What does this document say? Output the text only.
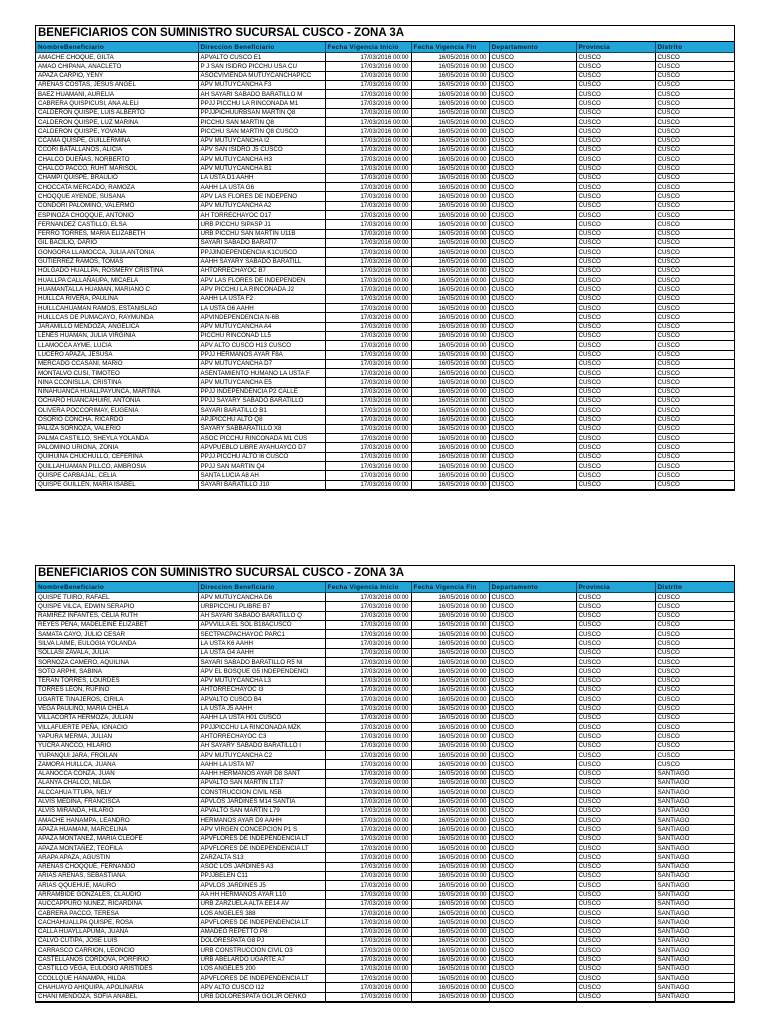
BENEFICIARIOS CON SUMINISTRO SUCURSAL CUSCO - ZONA 3A
NombreBeneficiario	Direccion Beneficiario	Fecha Vigencia Inicio	Fecha Vigencia Fin	Departamento	Provincia	Distrito
AMACHE CHOQUE, GILTA	APVALTO CUSCO E1	17/03/2016 00:00	16/05/2016 00:00	CUSCO	CUSCO	CUSCO
AMAO CHIPANA, ANACLETO	P J SAN ISIDRO PICCHU USA CU	17/03/2016 00:00	16/05/2016 00:00	CUSCO	CUSCO	CUSCO
APAZA CARPIO, YENY	ASOCVIVIENDA MUTUYCANCHAPICC	17/03/2016 00:00	16/05/2016 00:00	CUSCO	CUSCO	CUSCO
ARENAS COSTAS, JESUS ANGEL	APV MUTUYCANCHA F3	17/03/2016 00:00	16/05/2016 00:00	CUSCO	CUSCO	CUSCO
BAEZ HUAMANI, AURELIA	AH SAYARI SABADO BARATILLO M	17/03/2016 00:00	16/05/2016 00:00	CUSCO	CUSCO	CUSCO
CABRERA QUISPICUSI, ANA ALELI	PPJJ PICCHU LA RINCONADA M1	17/03/2016 00:00	16/05/2016 00:00	CUSCO	CUSCO	CUSCO
CALDERON QUISPE, LUIS ALBERTO	PPJJPICHUURBSAN MARTIN Q8	17/03/2016 00:00	16/05/2016 00:00	CUSCO	CUSCO	CUSCO
CALDERON QUISPE, LUZ MARINA	PICCHU SAN MARTIN Q8	17/03/2016 00:00	16/05/2016 00:00	CUSCO	CUSCO	CUSCO
CALDERON QUISPE, YOVANA	PICCHU SAN MARTIN Q8 CUSCO	17/03/2016 00:00	16/05/2016 00:00	CUSCO	CUSCO	CUSCO
CCAMA QUISPE, GUILLERMINA	APV MUTUYCANCHA I2	17/03/2016 00:00	16/05/2016 00:00	CUSCO	CUSCO	CUSCO
CCORI BATALLANOS, ALICIA	APV SAN ISIDRO J5 CUSCO	17/03/2016 00:00	16/05/2016 00:00	CUSCO	CUSCO	CUSCO
CHALCO DUEÑAS, NORBERTO	APV MUTUYCANCHA H3	17/03/2016 00:00	16/05/2016 00:00	CUSCO	CUSCO	CUSCO
CHALCO PACCO, RUHT MARISOL	APV MUTUYCANCHA B1	17/03/2016 00:00	16/05/2016 00:00	CUSCO	CUSCO	CUSCO
CHAMPI QUISPE, BRAULIO	LA USTA D1 AAHH	17/03/2016 00:00	16/05/2016 00:00	CUSCO	CUSCO	CUSCO
CHOCCATA MERCADO, RAMOZA	AAHH LA USTA G6	17/03/2016 00:00	16/05/2016 00:00	CUSCO	CUSCO	CUSCO
CHOQQUE AYENDE, SUSANA	APV LAS FLORES DE INDEPENO	17/03/2016 00:00	16/05/2016 00:00	CUSCO	CUSCO	CUSCO
CONDORI PALOMINO, VALERMO	APV MUTUYCANCHA A2	17/03/2016 00:00	16/05/2016 00:00	CUSCO	CUSCO	CUSCO
ESPINOZA CHOQQUE, ANTONIO	AH TORRECHAYOC D17	17/03/2016 00:00	16/05/2016 00:00	CUSCO	CUSCO	CUSCO
FERNANDEZ CASTILLO, ELSA	URB PICCHU SIPASP J1	17/03/2016 00:00	16/05/2016 00:00	CUSCO	CUSCO	CUSCO
FERRO TORRES, MARIA ELIZABETH	URB PICCHU SAN MARTIN U11B	17/03/2016 00:00	16/05/2016 00:00	CUSCO	CUSCO	CUSCO
GIL BACILIO, DARIO	SAYARI SABADO BARATI7	17/03/2016 00:00	16/05/2016 00:00	CUSCO	CUSCO	CUSCO
GONGORA LLAMOCCA, JULIA ANTONIA	PPJJINDEPENDENCIA K1CUSCO	17/03/2016 00:00	16/05/2016 00:00	CUSCO	CUSCO	CUSCO
GUTIERREZ RAMOS, TOMAS	AAHH SAYARY SABADO BARATILL	17/03/2016 00:00	16/05/2016 00:00	CUSCO	CUSCO	CUSCO
HOLGADO HUALLPA, ROSMERY CRISTINA	AHTORRECHAYOC B7	17/03/2016 00:00	16/05/2016 00:00	CUSCO	CUSCO	CUSCO
HUALLPA CALLAÑAUPA, MICAELA	APV LAS FLORES DE INDEPENDEN	17/03/2016 00:00	16/05/2016 00:00	CUSCO	CUSCO	CUSCO
HUAMANTALLA HUAMAN, MARIANO C	APV PICCHU LA RINCONADA J2	17/03/2016 00:00	16/05/2016 00:00	CUSCO	CUSCO	CUSCO
HUILLCA RIVERA, PAULINA	AAHH LA USTA F2	17/03/2016 00:00	16/05/2016 00:00	CUSCO	CUSCO	CUSCO
HUILLCAHUAMAN RAMOS, ESTANISLAO	LA USTA G6 AAHH	17/03/2016 00:00	16/05/2016 00:00	CUSCO	CUSCO	CUSCO
HUILLCAS DE PUMACAYO, RAYMUNDA	APVINDEPENDENCIA N-6B	17/03/2016 00:00	16/05/2016 00:00	CUSCO	CUSCO	CUSCO
JARAMILLO MENDOZA, ANGELICA	APV MUTUYCANCHA A4	17/03/2016 00:00	16/05/2016 00:00	CUSCO	CUSCO	CUSCO
LENES HUAMAN, JULIA VIRGINIA	PICCHU RINCONAD LL5	17/03/2016 00:00	16/05/2016 00:00	CUSCO	CUSCO	CUSCO
LLAMOCCA AYME, LUCIA	APV ALTO CUSCO H13 CUSCO	17/03/2016 00:00	16/05/2016 00:00	CUSCO	CUSCO	CUSCO
LUCERO APAZA, JESUSA	PPJJ HERMANOS AYAR F8A	17/03/2016 00:00	16/05/2016 00:00	CUSCO	CUSCO	CUSCO
MERCADO CCASANI, MARIO	APV MUTUYCANCHA D7	17/03/2016 00:00	16/05/2016 00:00	CUSCO	CUSCO	CUSCO
MONTALVO CUSI, TIMOTEO	ASENTAMIENTO HUMANO LA USTA F	17/03/2016 00:00	16/05/2016 00:00	CUSCO	CUSCO	CUSCO
NINA CCONISLLA, CRISTINA	APV MUTUYCANCHA E5	17/03/2016 00:00	16/05/2016 00:00	CUSCO	CUSCO	CUSCO
NINAHUANCA HUALLPAYUNCA, MARTINA	PPJJ INDEPENDENCIA P2 CALLE	17/03/2016 00:00	16/05/2016 00:00	CUSCO	CUSCO	CUSCO
OCHARO HUANCAHUIRI, ANTONIA	PPJJ SAYARY SABADO BARATILLO	17/03/2016 00:00	16/05/2016 00:00	CUSCO	CUSCO	CUSCO
OLIVERA POCCORIMAY, EUGENIA	SAYARI BARATILLO B1	17/03/2016 00:00	16/05/2016 00:00	CUSCO	CUSCO	CUSCO
OSORIO CONCHA, RICARDO	APJPICCHU ALTO Q8	17/03/2016 00:00	16/05/2016 00:00	CUSCO	CUSCO	CUSCO
PALIZA SORNOZA, VALERIO	SAYARY SABBARATILLO X8	17/03/2016 00:00	16/05/2016 00:00	CUSCO	CUSCO	CUSCO
PALMA CASTILLO, SHEYLA YOLANDA	ASOC PICCHU RINCONADA M1 CUS	17/03/2016 00:00	16/05/2016 00:00	CUSCO	CUSCO	CUSCO
PALOMINO URIONA, ZONIA	APVPUEBLO LIBRE AYAHUAYCO D7	17/03/2016 00:00	16/05/2016 00:00	CUSCO	CUSCO	CUSCO
QUIHUINA CHUCHULLO, CEFERINA	PPJJ PICCHU ALTO I6 CUSCO	17/03/2016 00:00	16/05/2016 00:00	CUSCO	CUSCO	CUSCO
QUILLAHUAMAN PILLCO, AMBROSIA	PPJJ SAN MARTIN Q4	17/03/2016 00:00	16/05/2016 00:00	CUSCO	CUSCO	CUSCO
QUISPE CARBAJAL, CELIA	SANTA LUCIA A8 AH	17/03/2016 00:00	16/05/2016 00:00	CUSCO	CUSCO	CUSCO
QUISPE GUILLEN, MARIA ISABEL	SAYARI BARATILLO J10	17/03/2016 00:00	16/05/2016 00:00	CUSCO	CUSCO	CUSCO
BENEFICIARIOS CON SUMINISTRO SUCURSAL CUSCO - ZONA 3A
NombreBeneficiario	Direccion Beneficiario	Fecha Vigencia Inicio	Fecha Vigencia Fin	Departamento	Provincia	Distrito
QUISPE TUIRO, RAFAEL	APV MUTUYCANCHA D6	17/03/2016 00:00	16/05/2016 00:00	CUSCO	CUSCO	CUSCO
QUISPE VILCA, EDWIN SERAPIO	URBPICCHU PLIBRE B7	17/03/2016 00:00	16/05/2016 00:00	CUSCO	CUSCO	CUSCO
RAMIREZ INFANTES, CELIA RUTH	AH SAYARI SABADO BARATILLO Q	17/03/2016 00:00	16/05/2016 00:00	CUSCO	CUSCO	CUSCO
REYES PEÑA, MADELEINE ELIZABET	APVVILLA EL SOL B18ACUSCO	17/03/2016 00:00	16/05/2016 00:00	CUSCO	CUSCO	CUSCO
SAMATA CAYO, JULIO CESAR	SECTPACPACHAYOC PARC1	17/03/2016 00:00	16/05/2016 00:00	CUSCO	CUSCO	CUSCO
SILVA LAIME, EULOGIA YOLANDA	LA USTA K6 AAHH	17/03/2016 00:00	16/05/2016 00:00	CUSCO	CUSCO	CUSCO
SOLLASI ZAVALA, JULIA	LA USTA G4 AAHH	17/03/2016 00:00	16/05/2016 00:00	CUSCO	CUSCO	CUSCO
SORNOZA CAMERO, AQUILINA	SAYARI SABADO BARATILLO R5 NI	17/03/2016 00:00	16/05/2016 00:00	CUSCO	CUSCO	CUSCO
SOTO ARPHI, SABINA	APV EL BOSQUE G5 INDEPENDENCI	17/03/2016 00:00	16/05/2016 00:00	CUSCO	CUSCO	CUSCO
TERAN TORRES, LOURDES	APV MUTUYCANCHA L3	17/03/2016 00:00	16/05/2016 00:00	CUSCO	CUSCO	CUSCO
TORRES LEON, RUFINO	AHTORRECHAYOC I3	17/03/2016 00:00	16/05/2016 00:00	CUSCO	CUSCO	CUSCO
UGARTE TINAJEROS, CIRILA	APVALTO CUSCO B4	17/03/2016 00:00	16/05/2016 00:00	CUSCO	CUSCO	CUSCO
VEGA PAULINO, MARIA CHELA	LA USTA J5 AAHH	17/03/2016 00:00	16/05/2016 00:00	CUSCO	CUSCO	CUSCO
VILLACORTA HERMOZA, JULIAN	AAHH LA USTA H01 CUSCO	17/03/2016 00:00	16/05/2016 00:00	CUSCO	CUSCO	CUSCO
VILLAFUERTE PEÑA, IGNACIO	PPJJPICCHU LA RINCONADA MZK	17/03/2016 00:00	16/05/2016 00:00	CUSCO	CUSCO	CUSCO
YAPURA MERMA, JULIAN	AHTORRECHAYOC C3	17/03/2016 00:00	16/05/2016 00:00	CUSCO	CUSCO	CUSCO
YUCRA ANCCO, HILARIO	AH SAYARY SABADO BARATILLO I	17/03/2016 00:00	16/05/2016 00:00	CUSCO	CUSCO	CUSCO
YUPANQUI JARA, FROILAN	APV MUTUYCANCHA C2	17/03/2016 00:00	16/05/2016 00:00	CUSCO	CUSCO	CUSCO
ZAMORA HUILLCA, JUANA	AAHH LA USTA M7	17/03/2016 00:00	16/05/2016 00:00	CUSCO	CUSCO	CUSCO
ALANOCCA CONZA, JUAN	AAHH HERMANOS AYAR D8 SANT	17/03/2016 00:00	16/05/2016 00:00	CUSCO	CUSCO	SANTIAGO
ALANYA CHALCO, NILDA	APVALTO SAN MARTIN LT17	17/03/2016 00:00	16/05/2016 00:00	CUSCO	CUSCO	SANTIAGO
ALCCAHUA TTUPA, NELY	CONSTRUCCION CIVIL N5B	17/03/2016 00:00	16/05/2016 00:00	CUSCO	CUSCO	SANTIAGO
ALVIS MEDINA, FRANCISCA	APVLOS JARDINES M14 SANTIA	17/03/2016 00:00	16/05/2016 00:00	CUSCO	CUSCO	SANTIAGO
ALVIS MIRANDA, HILARIO	APVALTO SAN MARTIN L79	17/03/2016 00:00	16/05/2016 00:00	CUSCO	CUSCO	SANTIAGO
AMACHE HANAMPA, LEANDRO	HERMANOS AYAR D9 AAHH	17/03/2016 00:00	16/05/2016 00:00	CUSCO	CUSCO	SANTIAGO
APAZA HUAMANI, MARCELINA	APV VIRGEN CONCEPCION P1 S	17/03/2016 00:00	16/05/2016 00:00	CUSCO	CUSCO	SANTIAGO
APAZA MONTAÑEZ, MARIA CLEOFE	APVFLORES DE INDEPENDENCIA LT	17/03/2016 00:00	16/05/2016 00:00	CUSCO	CUSCO	SANTIAGO
APAZA MONTAÑEZ, TEOFILA	APVFLORES DE INDEPENDENCIA LT	17/03/2016 00:00	16/05/2016 00:00	CUSCO	CUSCO	SANTIAGO
ARAPA APAZA, AGUSTIN	ZARZALTA S13	17/03/2016 00:00	16/05/2016 00:00	CUSCO	CUSCO	SANTIAGO
ARENAS CHOQQUE, FERNANDO	ASOC LOS JARDINES A3	17/03/2016 00:00	16/05/2016 00:00	CUSCO	CUSCO	SANTIAGO
ARIAS ARENAS, SEBASTIANA	PPJJBELEN C11	17/03/2016 00:00	16/05/2016 00:00	CUSCO	CUSCO	SANTIAGO
ARIAS QQUEHUE, MAURO	APVLOS JARDINES J5	17/03/2016 00:00	16/05/2016 00:00	CUSCO	CUSCO	SANTIAGO
ARRAMBIDE GONZALES, CLAUDIO	AA HH HERMANOS AYAR L10	17/03/2016 00:00	16/05/2016 00:00	CUSCO	CUSCO	SANTIAGO
AUCCAPPURO NUÑEZ, RICARDINA	URB ZARZUELA ALTA EE14 AV	17/03/2016 00:00	16/05/2016 00:00	CUSCO	CUSCO	SANTIAGO
CABRERA PACCO, TERESA	LOS ANGELES 388	17/03/2016 00:00	16/05/2016 00:00	CUSCO	CUSCO	SANTIAGO
CACHAHUALLPA QUISPE, ROSA	APVFLORES DE INDEPENDENCIA LT	17/03/2016 00:00	16/05/2016 00:00	CUSCO	CUSCO	SANTIAGO
CALLA HUAYLLAPUMA, JUANA	AMADEO REPETTO P8	17/03/2016 00:00	16/05/2016 00:00	CUSCO	CUSCO	SANTIAGO
CALVO CUTIPA, JOSE LUIS	DOLORESPATA G8 PJ	17/03/2016 00:00	16/05/2016 00:00	CUSCO	CUSCO	SANTIAGO
CARRASCO CARRION, LEONCIO	URB CONSTRUCCION CIVIL O3	17/03/2016 00:00	16/05/2016 00:00	CUSCO	CUSCO	SANTIAGO
CASTELLANOS CORDOVA, PORFIRIO	URB ABELARDO UGARTE A7	17/03/2016 00:00	16/05/2016 00:00	CUSCO	CUSCO	SANTIAGO
CASTILLO VEGA, EULOGIO ARISTIDES	LOS ANGELES 200	17/03/2016 00:00	16/05/2016 00:00	CUSCO	CUSCO	SANTIAGO
CCOLLQUE HANAMPA, HILDA	APVFLORES DE INDEPENDENCIA LT	17/03/2016 00:00	16/05/2016 00:00	CUSCO	CUSCO	SANTIAGO
CHAHUAYO AHIQUIPA, APOLINARIA	APV ALTO CUSCO I12	17/03/2016 00:00	16/05/2016 00:00	CUSCO	CUSCO	SANTIAGO
CHAÑI MENDOZA, SOFIA ANABEL	URB DOLORESPATA GOLJR OENKO	17/03/2016 00:00	16/05/2016 00:00	CUSCO	CUSCO	SANTIAGO
